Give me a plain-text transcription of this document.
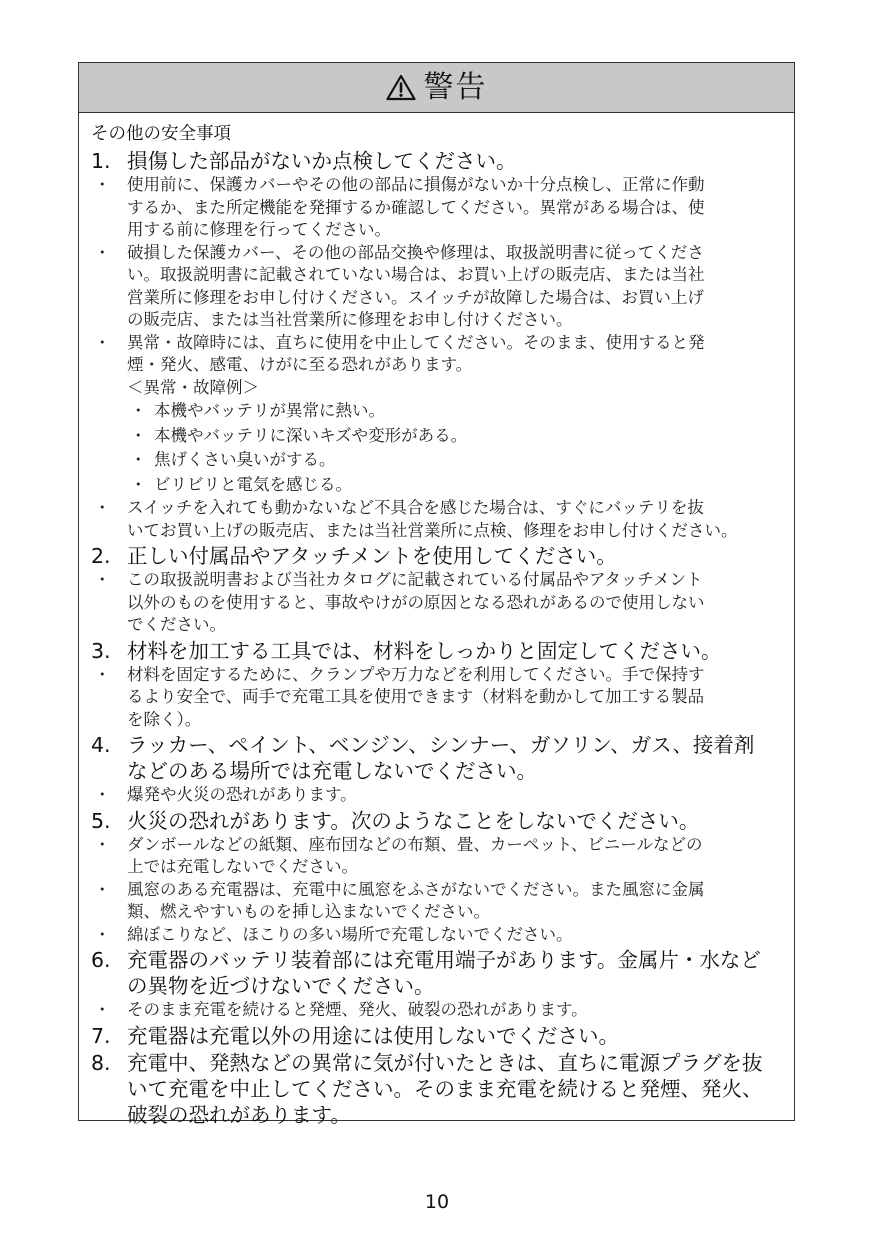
警告
その他の安全事項
1. 損傷した部品がないか点検してください。
・	使用前に、保護カバーやその他の部品に損傷がないか十分点検し、正常に作動
するか、また所定機能を発揮するか確認してください。異常がある場合は、使
用する前に修理を行ってください。
・	破損した保護カバー、その他の部品交換や修理は、取扱説明書に従ってくださ
い。取扱説明書に記載されていない場合は、お買い上げの販売店、または当社
営業所に修理をお申し付けください。スイッチが故障した場合は、お買い上げ
の販売店、または当社営業所に修理をお申し付けください。
・	異常・故障時には、直ちに使用を中止してください。そのまま、使用すると発
煙・発火、感電、けがに至る恐れがあります。
＜異常・故障例＞
・ 本機やバッテリが異常に熱い。
・ 本機やバッテリに深いキズや変形がある。
・ 焦げくさい臭いがする。
・ ビリビリと電気を感じる。
・	スイッチを入れても動かないなど不具合を感じた場合は、すぐにバッテリを抜
いてお買い上げの販売店、または当社営業所に点検、修理をお申し付けください。
2. 正しい付属品やアタッチメントを使用してください。
・	この取扱説明書および当社カタログに記載されている付属品やアタッチメント
以外のものを使用すると、事故やけがの原因となる恐れがあるので使用しない
でください。
3. 材料を加工する工具では、材料をしっかりと固定してください。
・	材料を固定するために、クランプや万力などを利用してください。手で保持す
るより安全で、両手で充電工具を使用できます（材料を動かして加工する製品
を除く）。
4. ラッカー、ペイント、ベンジン、シンナー、ガソリン、ガス、接着剤
などのある場所では充電しないでください。
・	爆発や火災の恐れがあります。
5. 火災の恐れがあります。次のようなことをしないでください。
・	ダンボールなどの紙類、座布団などの布類、畳、カーペット、ビニールなどの
上では充電しないでください。
・	風窓のある充電器は、充電中に風窓をふさがないでください。また風窓に金属
類、燃えやすいものを挿し込まないでください。
・	綿ぼこりなど、ほこりの多い場所で充電しないでください。
6. 充電器のバッテリ装着部には充電用端子があります。金属片・水など
の異物を近づけないでください。
・	そのまま充電を続けると発煙、発火、破裂の恐れがあります。
7. 充電器は充電以外の用途には使用しないでください。
8. 充電中、発熱などの異常に気が付いたときは、直ちに電源プラグを抜
いて充電を中止してください。そのまま充電を続けると発煙、発火、
破裂の恐れがあります。
10
